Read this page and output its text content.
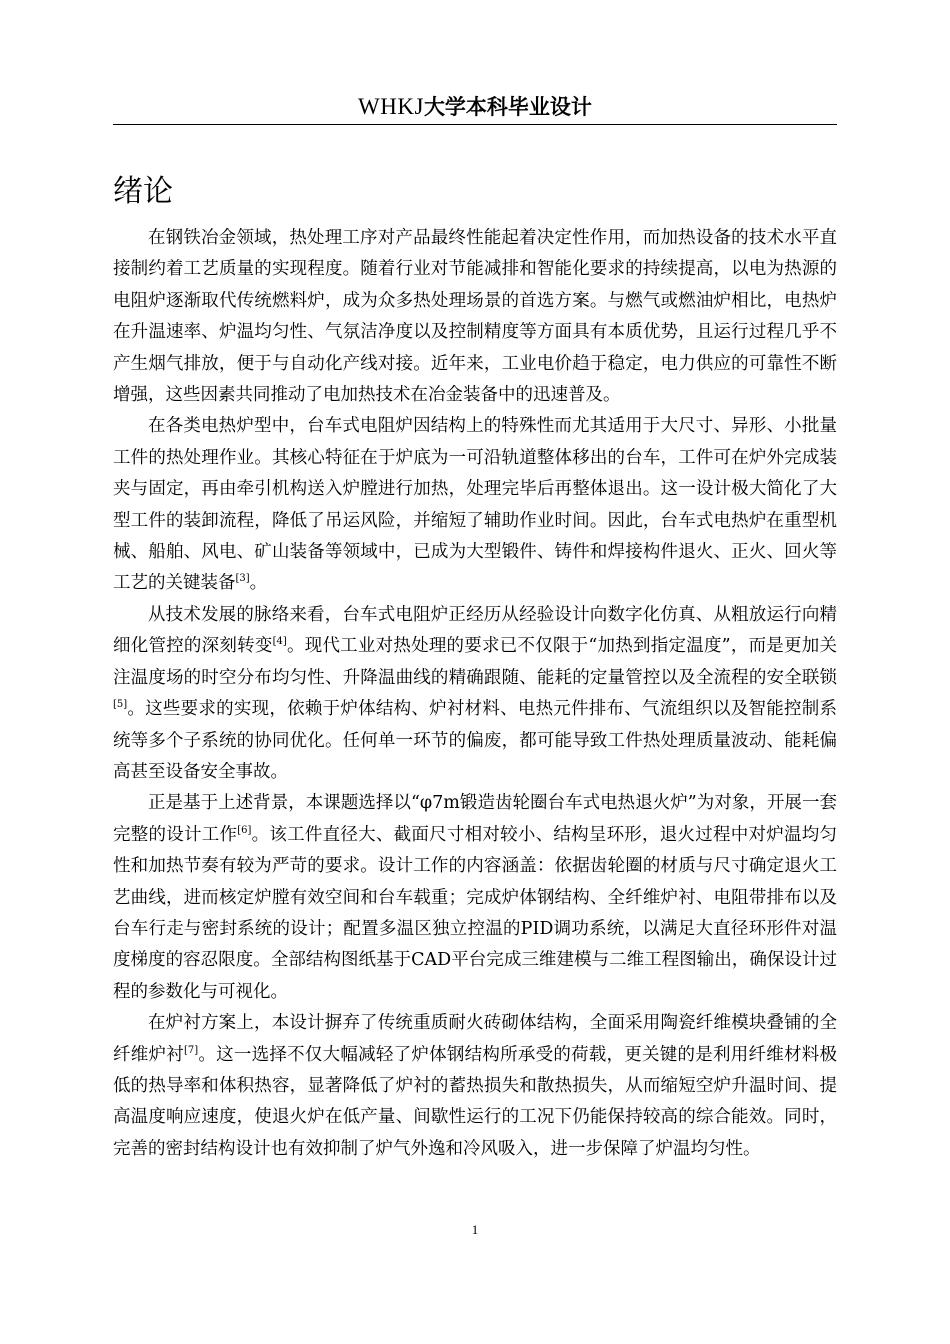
WHKJ大学本科毕业设计
绪论

在钢铁冶金领域，热处理工序对产品最终性能起着决定性作用，而加热设备的技术水平直接制约着工艺质量的实现程度。随着行业对节能减排和智能化要求的持续提高，以电为热源的电阻炉逐渐取代传统燃料炉，成为众多热处理场景的首选方案。与燃气或燃油炉相比，电热炉在升温速率、炉温均匀性、气氛洁净度以及控制精度等方面具有本质优势，且运行过程几乎不产生烟气排放，便于与自动化产线对接。近年来，工业电价趋于稳定，电力供应的可靠性不断增强，这些因素共同推动了电加热技术在冶金装备中的迅速普及。

在各类电热炉型中，台车式电阻炉因结构上的特殊性而尤其适用于大尺寸、异形、小批量工件的热处理作业。其核心特征在于炉底为一可沿轨道整体移出的台车，工件可在炉外完成装夹与固定，再由牵引机构送入炉膛进行加热，处理完毕后再整体退出。这一设计极大简化了大型工件的装卸流程，降低了吊运风险，并缩短了辅助作业时间。因此，台车式电热炉在重型机械、船舶、风电、矿山装备等领域中，已成为大型锻件、铸件和焊接构件退火、正火、回火等工艺的关键装备[3]。

从技术发展的脉络来看，台车式电阻炉正经历从经验设计向数字化仿真、从粗放运行向精细化管控的深刻转变[4]。现代工业对热处理的要求已不仅限于“加热到指定温度”，而是更加关注温度场的时空分布均匀性、升降温曲线的精确跟随、能耗的定量管控以及全流程的安全联锁[5]。这些要求的实现，依赖于炉体结构、炉衬材料、电热元件排布、气流组织以及智能控制系统等多个子系统的协同优化。任何单一环节的偏废，都可能导致工件热处理质量波动、能耗偏高甚至设备安全事故。

正是基于上述背景，本课题选择以“φ7m锻造齿轮圈台车式电热退火炉”为对象，开展一套完整的设计工作[6]。该工件直径大、截面尺寸相对较小、结构呈环形，退火过程中对炉温均匀性和加热节奏有较为严苛的要求。设计工作的内容涵盖：依据齿轮圈的材质与尺寸确定退火工艺曲线，进而核定炉膛有效空间和台车载重；完成炉体钢结构、全纤维炉衬、电阻带排布以及台车行走与密封系统的设计；配置多温区独立控温的PID调功系统，以满足大直径环形件对温度梯度的容忍限度。全部结构图纸基于CAD平台完成三维建模与二维工程图输出，确保设计过程的参数化与可视化。

在炉衬方案上，本设计摒弃了传统重质耐火砖砌体结构，全面采用陶瓷纤维模块叠铺的全纤维炉衬[7]。这一选择不仅大幅减轻了炉体钢结构所承受的荷载，更关键的是利用纤维材料极低的热导率和体积热容，显著降低了炉衬的蓄热损失和散热损失，从而缩短空炉升温时间、提高温度响应速度，使退火炉在低产量、间歇性运行的工况下仍能保持较高的综合能效。同时，完善的密封结构设计也有效抑制了炉气外逸和冷风吸入，进一步保障了炉温均匀性。

1
